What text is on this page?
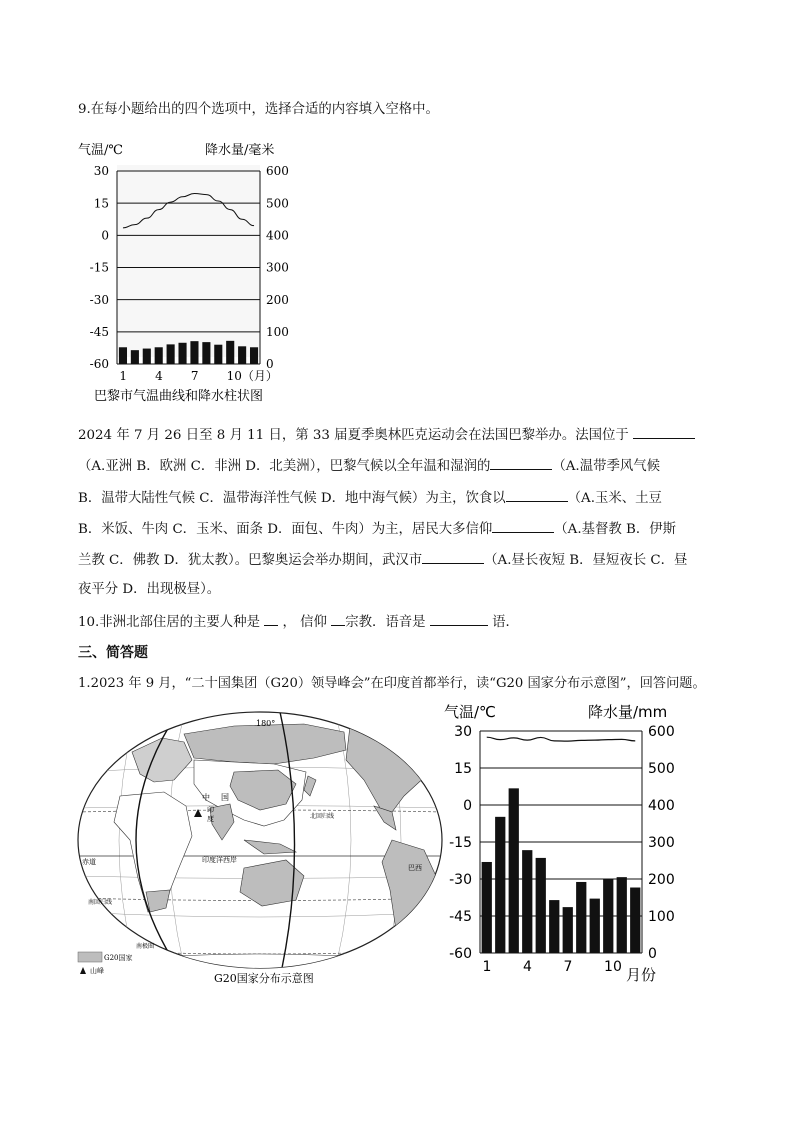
9.在每小题给出的四个选项中，选择合适的内容填入空格中。
气温/℃	降水量/毫米
30
15
0
-15
-30
-45
-60
600
500
400
300
200
100
0
1 4 7 10（月）
巴黎市气温曲线和降水柱状图
2024 年 7 月 26 日至 8 月 11 日，第 33 届夏季奥林匹克运动会在法国巴黎举办。法国位于
（A.亚洲 B．欧洲 C．非洲 D．北美洲），巴黎气候以全年温和湿润的	（A.温带季风气候
B．温带大陆性气候 C．温带海洋性气候 D．地中海气候）为主，饮食以	（A.玉米、土豆
B．米饭、牛肉 C．玉米、面条 D．面包、牛肉）为主，居民大多信仰	（A.基督教 B．伊斯
兰教 C．佛教 D．犹太教）。巴黎奥运会举办期间，武汉市	（A.昼长夜短 B．昼短夜长 C．昼
夜平分 D．出现极昼）。
10.非洲北部住居的主要人种是 ， 信仰 宗教．语音是	语．
三、简答题
1.2023 年 9 月，“二十国集团（G20）领导峰会”在印度首都举行，读“G20 国家分布示意图”，回答问题。
180°
中 国
印
度	北回归线
赤道	印度洋西岸
巴西
南回归线
南极圈
G20国家
山峰
G20国家分布示意图
气温/℃	降水量/mm
30
15
0
-15
-30
-45
-60
600
500
400
300
200
100
0
1 4 7 10 月份
